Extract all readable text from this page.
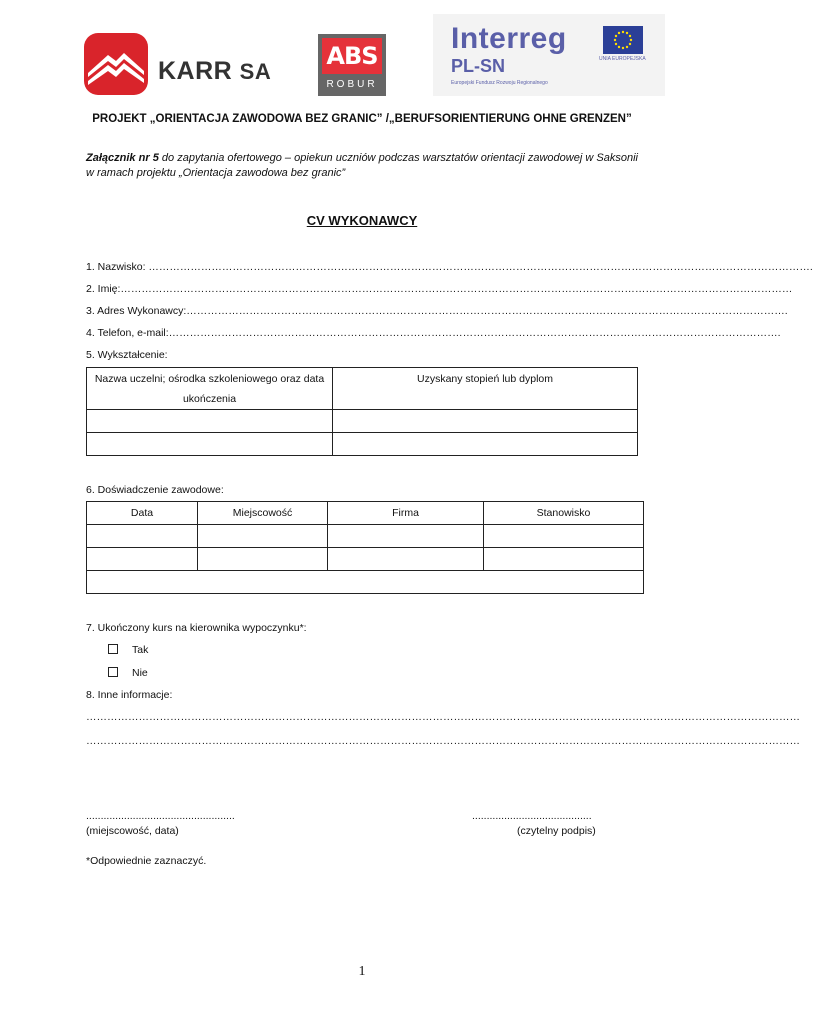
KARR SA
ABS
ROBUR
Interreg
PL-SN
Europejski Fundusz Rozwoju Regionalnego
UNIA EUROPEJSKA
PROJEKT „ORIENTACJA ZAWODOWA BEZ GRANIC” /„BERUFSORIENTIERUNG OHNE GRENZEN”
Załącznik nr 5 do zapytania ofertowego – opiekun uczniów podczas warsztatów orientacji zawodowej w Saksonii w ramach projektu „Orientacja zawodowa bez granic”
CV WYKONAWCY
1. Nazwisko: ……………………………………………………………………………………………………………………………………………………………………….
2. Imię:…………………………………………………………………………………………………………………………………………………………………………
3. Adres Wykonawcy:……………………………………………………………………………………………………………………………………………………….
4. Telefon, e-mail:………………………………………………………………………………………………………………………………………………………….
5. Wykształcenie:
Nazwa uczelni; ośrodka szkoleniowego oraz data ukończenia	Uzyskany stopień lub dyplom

6. Doświadczenie zawodowe:
Data	Miejscowość	Firma	Stanowisko

7. Ukończony kurs na kierownika wypoczynku*:
Tak
Nie
8. Inne informacje:
……………………………………………………………………………………………………………………………………………………………………………………
……………………………………………………………………………………………………………………………………………………………………………………
...................................................
(miejscowość, data)
.........................................
(czytelny podpis)
*Odpowiednie zaznaczyć.
1
